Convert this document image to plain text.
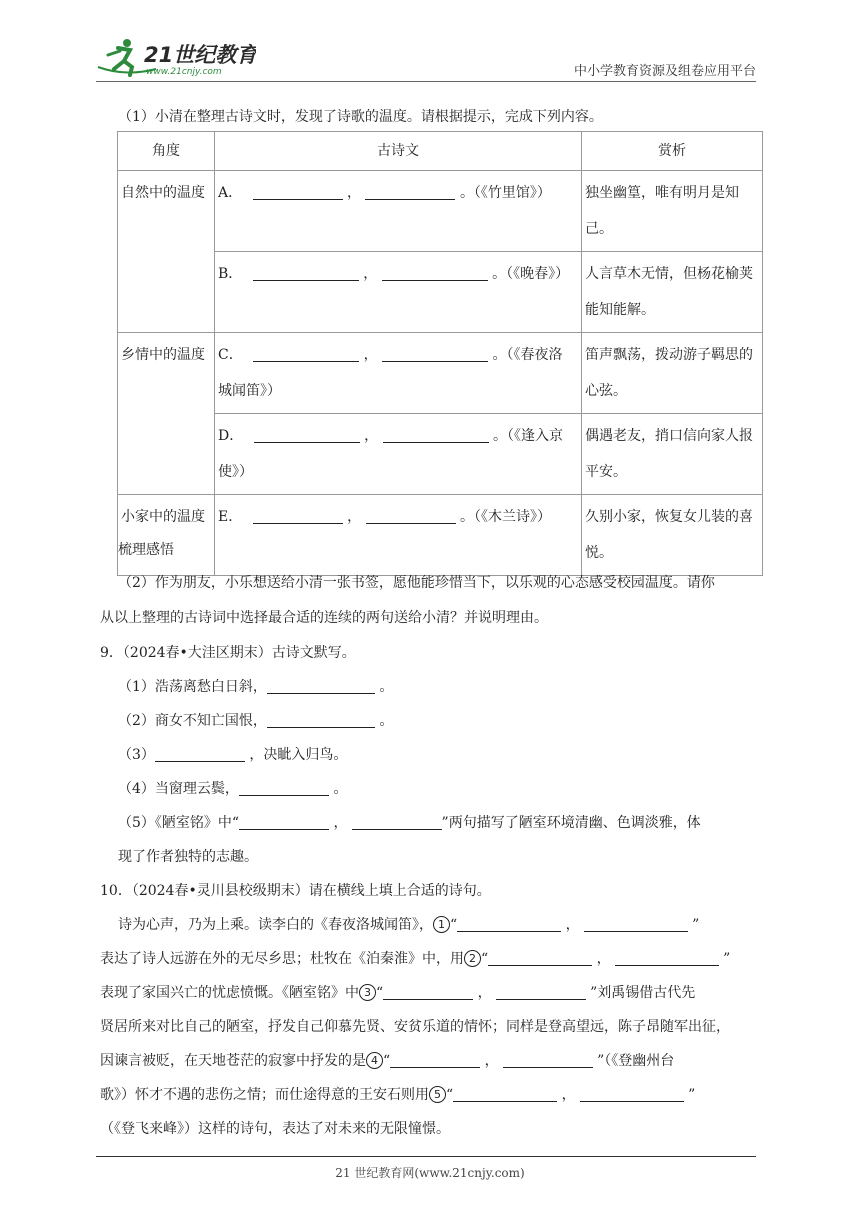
21世纪教育
www.21cnjy.com	中小学教育资源及组卷应用平台
（1）小清在整理古诗文时，发现了诗歌的温度。请根据提示，完成下列内容。
角度	古诗文	赏析
自然中的温度	A． ， 。（《竹里馆》）	独坐幽篁，唯有明月是知己。
	B． ， 。（《晚春》）	人言草木无情，但杨花榆荚能知能解。
乡情中的温度	C． ， 。（《春夜洛
城闻笛》）	笛声飘荡，拨动游子羁思的心弦。
	D． ， 。（《逢入京
使》）	偶遇老友，捎口信向家人报平安。
小家中的温度	E． ， 。（《木兰诗》）	久别小家，恢复女儿装的喜悦。
梳理感悟
（2）作为朋友，小乐想送给小清一张书签，愿他能珍惜当下，以乐观的心态感受校园温度。请你
从以上整理的古诗词中选择最合适的连续的两句送给小清？并说明理由。
9．（2024春•大洼区期末）古诗文默写。
（1）浩荡离愁白日斜，	。
（2）商女不知亡国恨，	。
（3）	，决眦入归鸟。
（4）当窗理云鬓，	。
（5）《陋室铭》中“	，	”两句描写了陋室环境清幽、色调淡雅，体
现了作者独特的志趣。
10．（2024春•灵川县校级期末）请在横线上填上合适的诗句。
诗为心声，乃为上乘。读李白的《春夜洛城闻笛》， 1 “	，	”
表达了诗人远游在外的无尽乡思；杜牧在《泊秦淮》中，用 2 “	，	”
表现了家国兴亡的忧虑愤慨。《陋室铭》中 3 “	，	”刘禹锡借古代先
贤居所来对比自己的陋室，抒发自己仰慕先贤、安贫乐道的情怀；同样是登高望远，陈子昂随军出征，
因谏言被贬，在天地苍茫的寂寥中抒发的是 4 “	，	”（《登幽州台
歌》）怀才不遇的悲伤之情；而仕途得意的王安石则用 5 “	，	”
（《登飞来峰》）这样的诗句，表达了对未来的无限憧憬。
21 世纪教育网(www.21cnjy.com)
